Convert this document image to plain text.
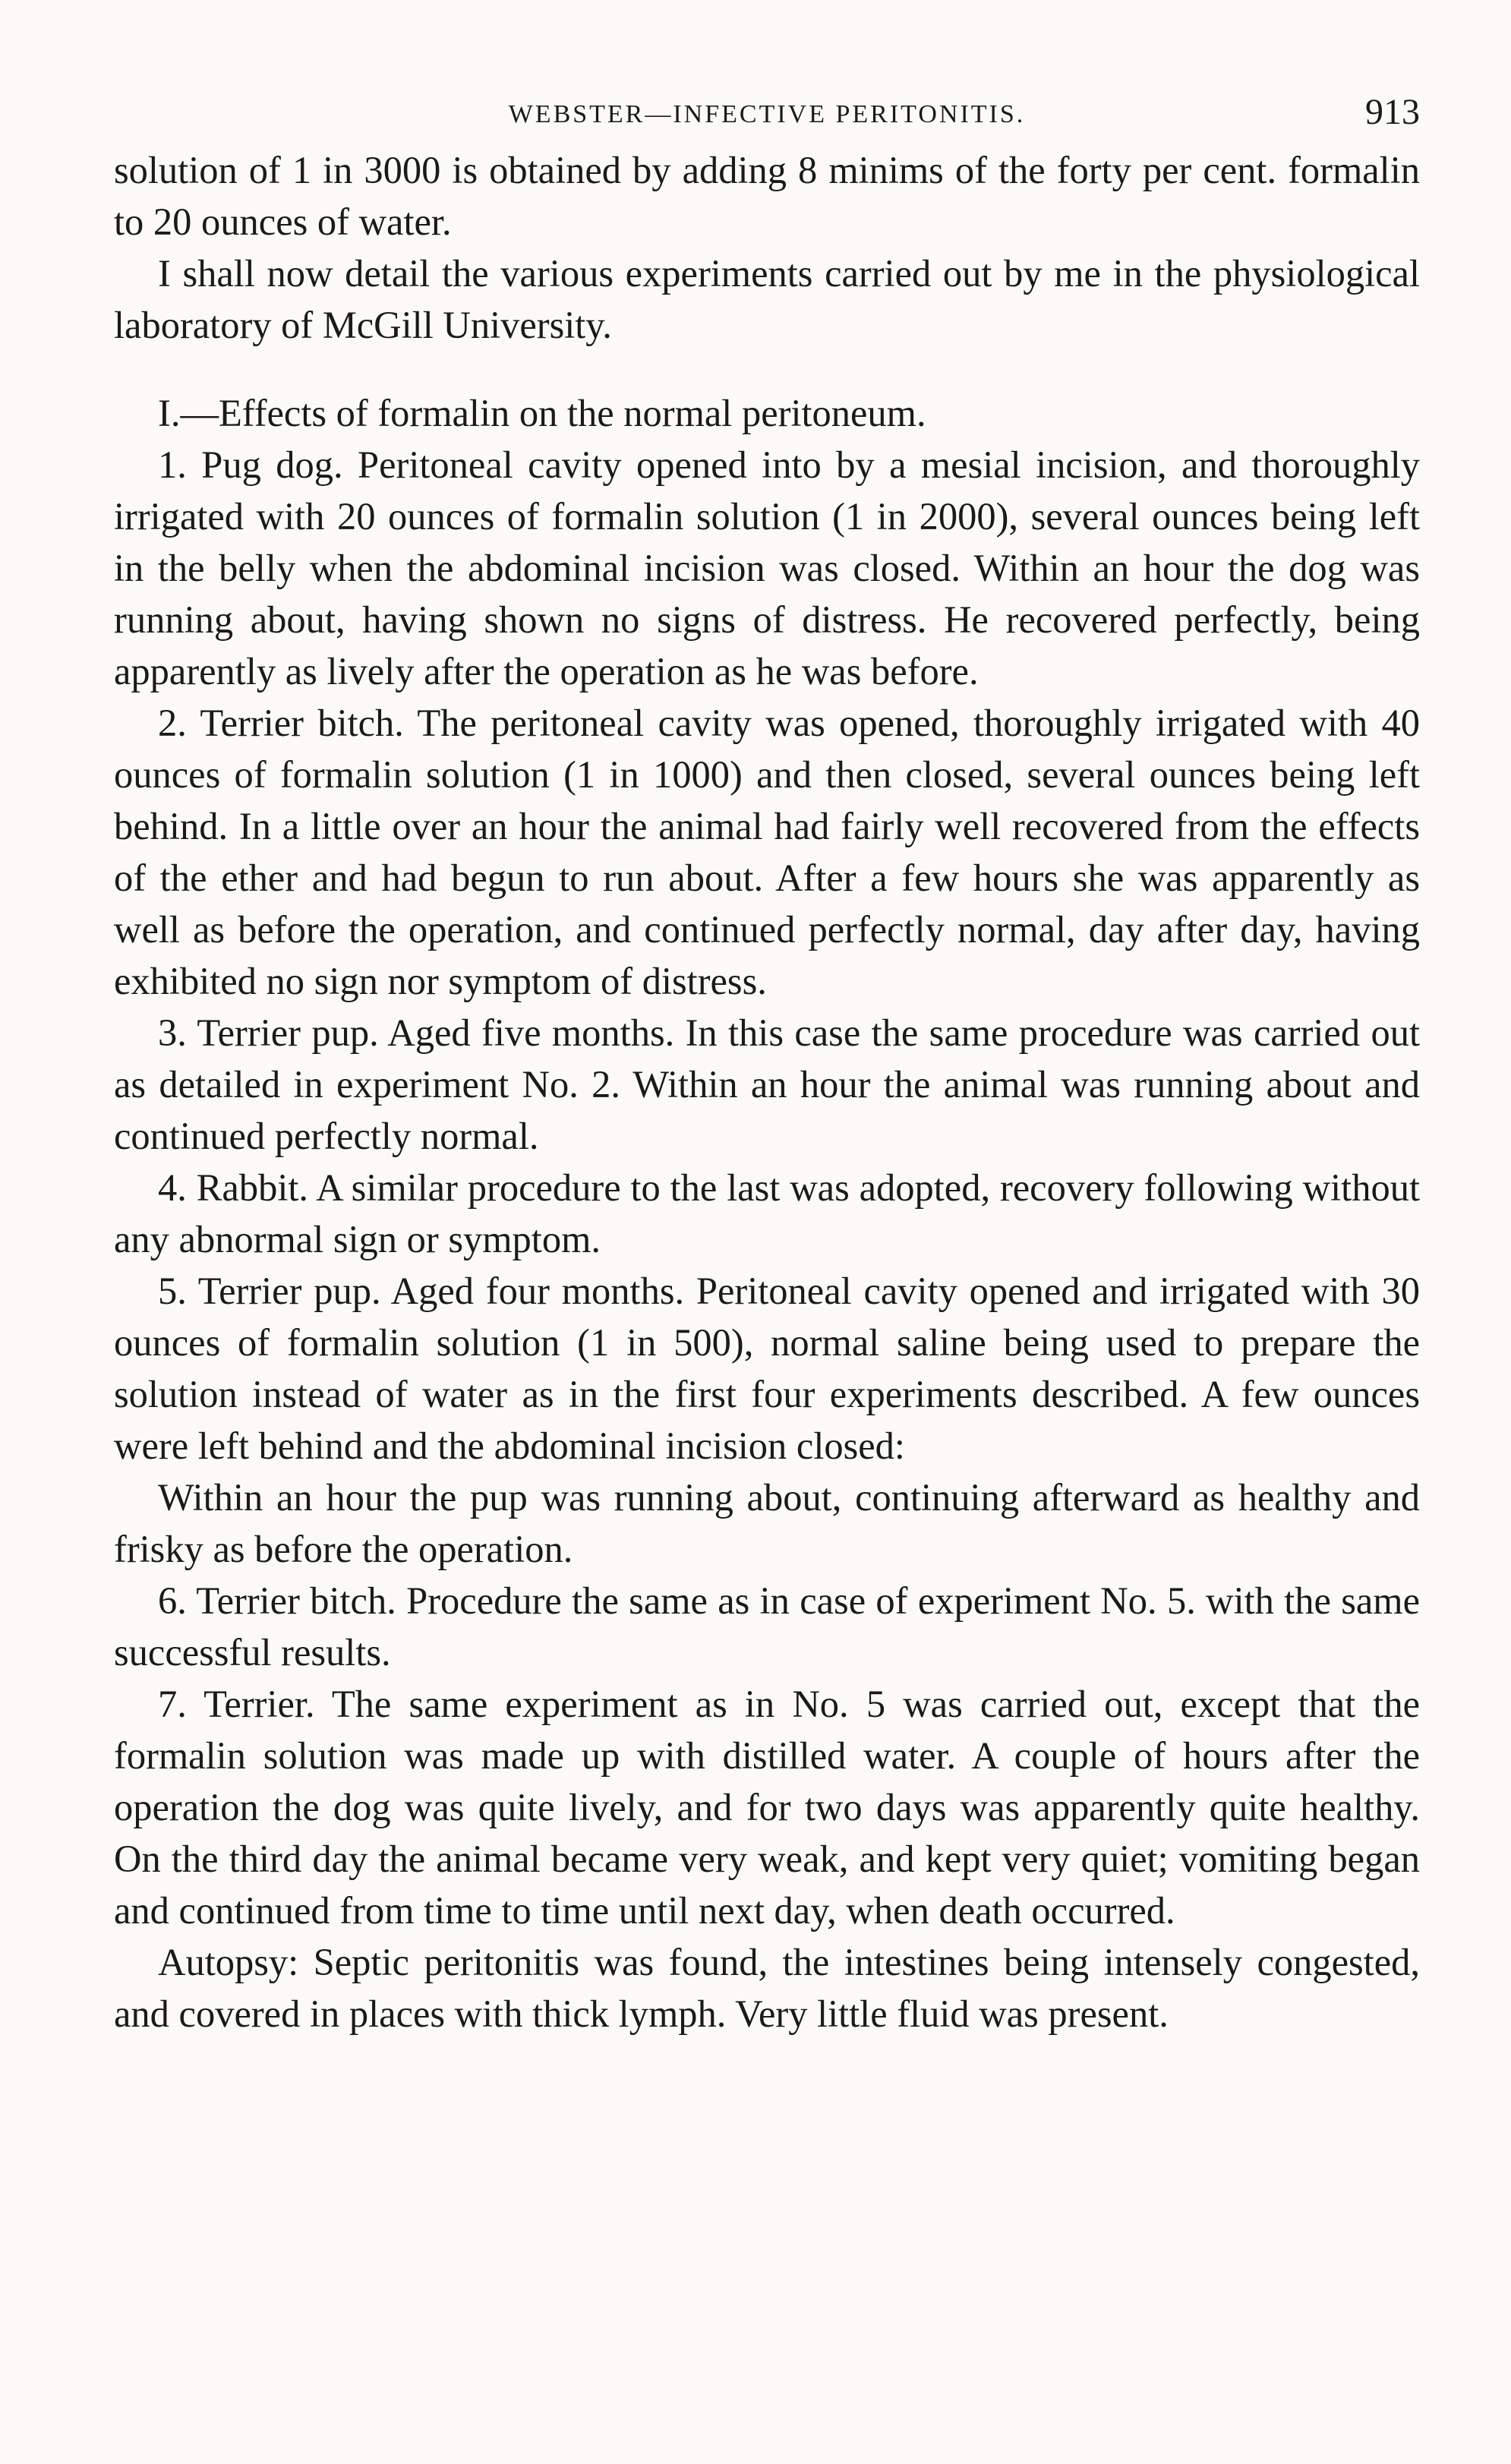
WEBSTER—INFECTIVE PERITONITIS.	913

solution of 1 in 3000 is obtained by adding 8 minims of the forty per cent. formalin to 20 ounces of water.

I shall now detail the various experiments carried out by me in the physiological laboratory of McGill University.

I.—Effects of formalin on the normal peritoneum.

1. Pug dog. Peritoneal cavity opened into by a mesial incision, and thoroughly irrigated with 20 ounces of formalin solution (1 in 2000), several ounces being left in the belly when the abdominal incision was closed. Within an hour the dog was running about, having shown no signs of distress. He recovered perfectly, being apparently as lively after the operation as he was before.

2. Terrier bitch. The peritoneal cavity was opened, thoroughly irrigated with 40 ounces of formalin solution (1 in 1000) and then closed, several ounces being left behind. In a little over an hour the animal had fairly well recovered from the effects of the ether and had begun to run about. After a few hours she was apparently as well as before the operation, and continued perfectly normal, day after day, having exhibited no sign nor symptom of distress.

3. Terrier pup. Aged five months. In this case the same procedure was carried out as detailed in experiment No. 2. Within an hour the animal was running about and continued perfectly normal.

4. Rabbit. A similar procedure to the last was adopted, recovery following without any abnormal sign or symptom.

5. Terrier pup. Aged four months. Peritoneal cavity opened and irrigated with 30 ounces of formalin solution (1 in 500), normal saline being used to prepare the solution instead of water as in the first four experiments described. A few ounces were left behind and the abdominal incision closed:

Within an hour the pup was running about, continuing afterward as healthy and frisky as before the operation.

6. Terrier bitch. Procedure the same as in case of experiment No. 5. with the same successful results.

7. Terrier. The same experiment as in No. 5 was carried out, except that the formalin solution was made up with distilled water. A couple of hours after the operation the dog was quite lively, and for two days was apparently quite healthy. On the third day the animal became very weak, and kept very quiet; vomiting began and continued from time to time until next day, when death occurred.

Autopsy: Septic peritonitis was found, the intestines being intensely congested, and covered in places with thick lymph. Very little fluid was present.
